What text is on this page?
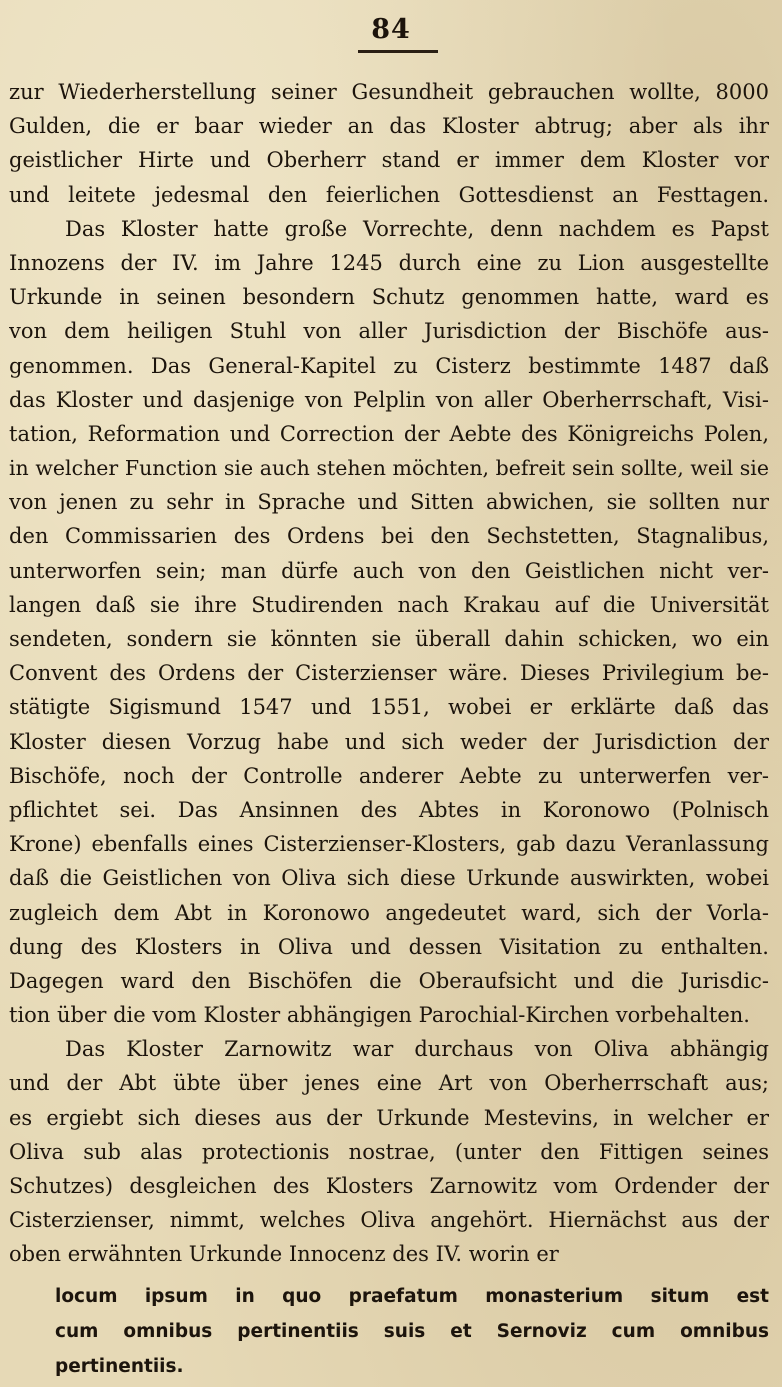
84
zur Wiederherstellung seiner Gesundheit gebrauchen wollte, 8000
Gulden, die er baar wieder an das Kloster abtrug; aber als ihr
geistlicher Hirte und Oberherr stand er immer dem Kloster vor
und leitete jedesmal den feierlichen Gottesdienst an Festtagen.
Das Kloster hatte große Vorrechte, denn nachdem es Papst
Innozens der IV. im Jahre 1245 durch eine zu Lion ausgestellte
Urkunde in seinen besondern Schutz genommen hatte, ward es
von dem heiligen Stuhl von aller Jurisdiction der Bischöfe aus-
genommen. Das General-Kapitel zu Cisterz bestimmte 1487 daß
das Kloster und dasjenige von Pelplin von aller Oberherrschaft, Visi-
tation, Reformation und Correction der Aebte des Königreichs Polen,
in welcher Function sie auch stehen möchten, befreit sein sollte, weil sie
von jenen zu sehr in Sprache und Sitten abwichen, sie sollten nur
den Commissarien des Ordens bei den Sechstetten, Stagnalibus,
unterworfen sein; man dürfe auch von den Geistlichen nicht ver-
langen daß sie ihre Studirenden nach Krakau auf die Universität
sendeten, sondern sie könnten sie überall dahin schicken, wo ein
Convent des Ordens der Cisterzienser wäre. Dieses Privilegium be-
stätigte Sigismund 1547 und 1551, wobei er erklärte daß das
Kloster diesen Vorzug habe und sich weder der Jurisdiction der
Bischöfe, noch der Controlle anderer Aebte zu unterwerfen ver-
pflichtet sei. Das Ansinnen des Abtes in Koronowo (Polnisch
Krone) ebenfalls eines Cisterzienser-Klosters, gab dazu Veranlassung
daß die Geistlichen von Oliva sich diese Urkunde auswirkten, wobei
zugleich dem Abt in Koronowo angedeutet ward, sich der Vorla-
dung des Klosters in Oliva und dessen Visitation zu enthalten.
Dagegen ward den Bischöfen die Oberaufsicht und die Jurisdic-
tion über die vom Kloster abhängigen Parochial-Kirchen vorbehalten.
Das Kloster Zarnowitz war durchaus von Oliva abhängig
und der Abt übte über jenes eine Art von Oberherrschaft aus;
es ergiebt sich dieses aus der Urkunde Mestevins, in welcher er
Oliva sub alas protectionis nostrae, (unter den Fittigen seines
Schutzes) desgleichen des Klosters Zarnowitz vom Ordender der
Cisterzienser, nimmt, welches Oliva angehört. Hiernächst aus der
oben erwähnten Urkunde Innocenz des IV. worin er
locum ipsum in quo praefatum monasterium situm est
cum omnibus pertinentiis suis et Sernoviz cum omnibus
pertinentiis.
